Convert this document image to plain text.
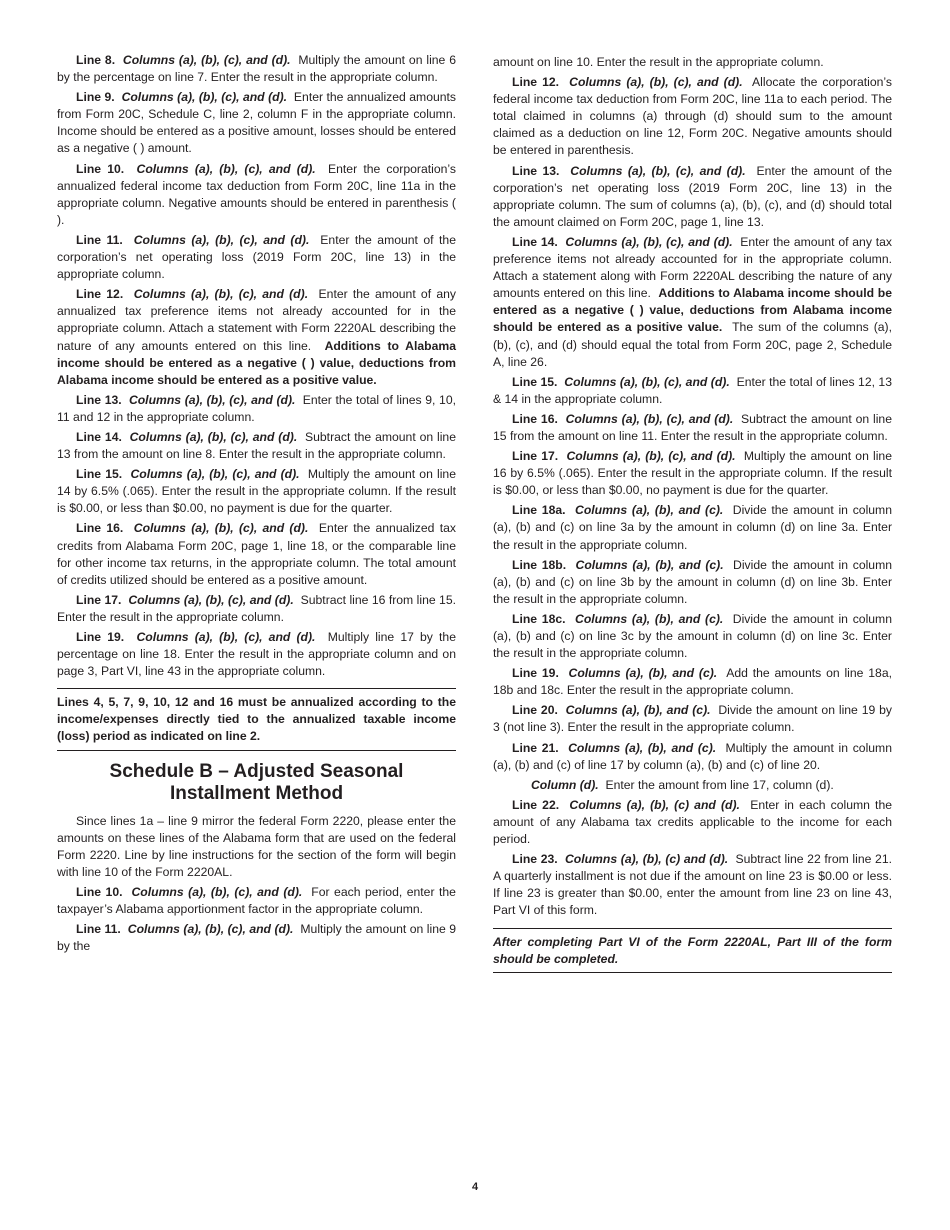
Line 8. Columns (a), (b), (c), and (d). Multiply the amount on line 6 by the percentage on line 7. Enter the result in the appropriate column.

Line 9. Columns (a), (b), (c), and (d). Enter the annualized amounts from Form 20C, Schedule C, line 2, column F in the appropriate column. Income should be entered as a positive amount, losses should be entered as a negative ( ) amount.

Line 10. Columns (a), (b), (c), and (d). Enter the corporation’s annualized federal income tax deduction from Form 20C, line 11a in the appropriate column. Negative amounts should be entered in parenthesis ( ).

Line 11. Columns (a), (b), (c), and (d). Enter the amount of the corporation’s net operating loss (2019 Form 20C, line 13) in the appropriate column.

Line 12. Columns (a), (b), (c), and (d). Enter the amount of any annualized tax preference items not already accounted for in the appropriate column. Attach a statement with Form 2220AL describing the nature of any amounts entered on this line. Additions to Alabama income should be entered as a negative ( ) value, deductions from Alabama income should be entered as a positive value.

Line 13. Columns (a), (b), (c), and (d). Enter the total of lines 9, 10, 11 and 12 in the appropriate column.

Line 14. Columns (a), (b), (c), and (d). Subtract the amount on line 13 from the amount on line 8. Enter the result in the appropriate column.

Line 15. Columns (a), (b), (c), and (d). Multiply the amount on line 14 by 6.5% (.065). Enter the result in the appropriate column. If the result is $0.00, or less than $0.00, no payment is due for the quarter.

Line 16. Columns (a), (b), (c), and (d). Enter the annualized tax credits from Alabama Form 20C, page 1, line 18, or the comparable line for other income tax returns, in the appropriate column. The total amount of credits utilized should be entered as a positive amount.

Line 17. Columns (a), (b), (c), and (d). Subtract line 16 from line 15. Enter the result in the appropriate column.

Line 19. Columns (a), (b), (c), and (d). Multiply line 17 by the percentage on line 18. Enter the result in the appropriate column and on page 3, Part VI, line 43 in the appropriate column.

Lines 4, 5, 7, 9, 10, 12 and 16 must be annualized according to the income/expenses directly tied to the annualized taxable income (loss) period as indicated on line 2.

Schedule B – Adjusted Seasonal
Installment Method

Since lines 1a – line 9 mirror the federal Form 2220, please enter the amounts on these lines of the Alabama form that are used on the federal Form 2220. Line by line instructions for the section of the form will begin with line 10 of the Form 2220AL.

Line 10. Columns (a), (b), (c), and (d). For each period, enter the taxpayer’s Alabama apportionment factor in the appropriate column.

Line 11. Columns (a), (b), (c), and (d). Multiply the amount on line 9 by the

amount on line 10. Enter the result in the appropriate column.

Line 12. Columns (a), (b), (c), and (d). Allocate the corporation’s federal income tax deduction from Form 20C, line 11a to each period. The total claimed in columns (a) through (d) should sum to the amount claimed as a deduction on line 12, Form 20C. Negative amounts should be entered in parenthesis.

Line 13. Columns (a), (b), (c), and (d). Enter the amount of the corporation’s net operating loss (2019 Form 20C, line 13) in the appropriate column. The sum of columns (a), (b), (c), and (d) should total the amount claimed on Form 20C, page 1, line 13.

Line 14. Columns (a), (b), (c), and (d). Enter the amount of any tax preference items not already accounted for in the appropriate column. Attach a statement along with Form 2220AL describing the nature of any amounts entered on this line. Additions to Alabama income should be entered as a negative ( ) value, deductions from Alabama income should be entered as a positive value. The sum of the columns (a), (b), (c), and (d) should equal the total from Form 20C, page 2, Schedule A, line 26.

Line 15. Columns (a), (b), (c), and (d). Enter the total of lines 12, 13 & 14 in the appropriate column.

Line 16. Columns (a), (b), (c), and (d). Subtract the amount on line 15 from the amount on line 11. Enter the result in the appropriate column.

Line 17. Columns (a), (b), (c), and (d). Multiply the amount on line 16 by 6.5% (.065). Enter the result in the appropriate column. If the result is $0.00, or less than $0.00, no payment is due for the quarter.

Line 18a. Columns (a), (b), and (c). Divide the amount in column (a), (b) and (c) on line 3a by the amount in column (d) on line 3a. Enter the result in the appropriate column.

Line 18b. Columns (a), (b), and (c). Divide the amount in column (a), (b) and (c) on line 3b by the amount in column (d) on line 3b. Enter the result in the appropriate column.

Line 18c. Columns (a), (b), and (c). Divide the amount in column (a), (b) and (c) on line 3c by the amount in column (d) on line 3c. Enter the result in the appropriate column.

Line 19. Columns (a), (b), and (c). Add the amounts on line 18a, 18b and 18c. Enter the result in the appropriate column.

Line 20. Columns (a), (b), and (c). Divide the amount on line 19 by 3 (not line 3). Enter the result in the appropriate column.

Line 21. Columns (a), (b), and (c). Multiply the amount in column (a), (b) and (c) of line 17 by column (a), (b) and (c) of line 20.

Column (d). Enter the amount from line 17, column (d).

Line 22. Columns (a), (b), (c) and (d). Enter in each column the amount of any Alabama tax credits applicable to the income for each period.

Line 23. Columns (a), (b), (c) and (d). Subtract line 22 from line 21. A quarterly installment is not due if the amount on line 23 is $0.00 or less. If line 23 is greater than $0.00, enter the amount from line 23 on line 43, Part VI of this form.

After completing Part VI of the Form 2220AL, Part III of the form should be completed.

4
